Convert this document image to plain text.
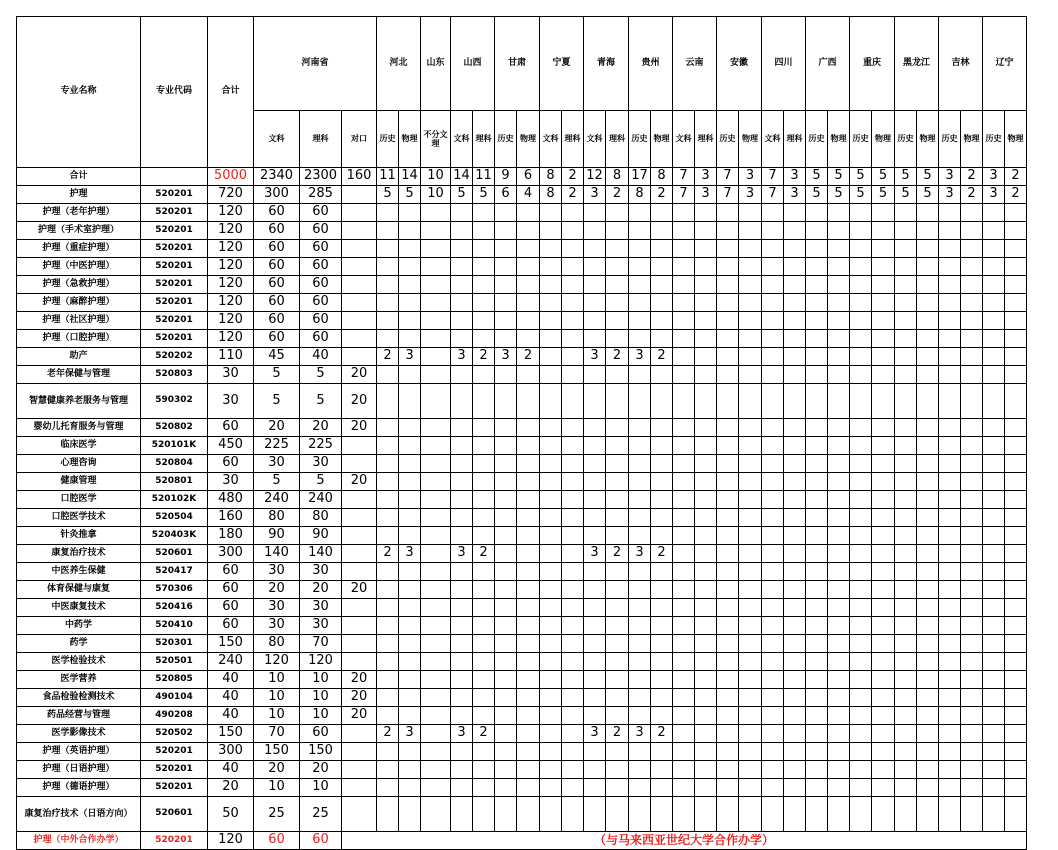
专业名称	专业代码	合计	河南省			河北		山东	山西		甘肃		宁夏		青海		贵州		云南		安徽		四川		广西		重庆		黑龙江		吉林		辽宁	
			文科	理科	对口	历史	物理	不分文理	文科	理科	历史	物理	文科	理科	文科	理科	历史	物理	文科	理科	历史	物理	文科	理科	历史	物理	历史	物理	历史	物理	历史	物理	历史	物理
合计		5000	2340	2300	160	11	14	10	14	11	9	6	8	2	12	8	17	8	7	3	7	3	7	3	5	5	5	5	5	5	3	2	3	2
护理	520201	720	300	285		5	5	10	5	5	6	4	8	2	3	2	8	2	7	3	7	3	7	3	5	5	5	5	5	5	3	2	3	2
护理（老年护理）	520201	120	60	60																														
护理（手术室护理）	520201	120	60	60																														
护理（重症护理）	520201	120	60	60																														
护理（中医护理）	520201	120	60	60																														
护理（急救护理）	520201	120	60	60																														
护理（麻醉护理）	520201	120	60	60																														
护理（社区护理）	520201	120	60	60																														
护理（口腔护理）	520201	120	60	60																														
助产	520202	110	45	40		2	3		3	2	3	2			3	2	3	2																
老年保健与管理	520803	30	5	5	20																													
智慧健康养老服务与管理	590302	30	5	5	20																													
婴幼儿托育服务与管理	520802	60	20	20	20																													
临床医学	520101K	450	225	225																														
心理咨询	520804	60	30	30																														
健康管理	520801	30	5	5	20																													
口腔医学	520102K	480	240	240																														
口腔医学技术	520504	160	80	80																														
针灸推拿	520403K	180	90	90																														
康复治疗技术	520601	300	140	140		2	3		3	2					3	2	3	2																
中医养生保健	520417	60	30	30																														
体育保健与康复	570306	60	20	20	20																													
中医康复技术	520416	60	30	30																														
中药学	520410	60	30	30																														
药学	520301	150	80	70																														
医学检验技术	520501	240	120	120																														
医学营养	520805	40	10	10	20																													
食品检验检测技术	490104	40	10	10	20																													
药品经营与管理	490208	40	10	10	20																													
医学影像技术	520502	150	70	60		2	3		3	2					3	2	3	2																
护理（英语护理）	520201	300	150	150																														
护理（日语护理）	520201	40	20	20																														
护理（德语护理）	520201	20	10	10																														
康复治疗技术（日语方向）	520601	50	25	25																														
护理（中外合作办学）	520201	120	60	60	（与马来西亚世纪大学合作办学）																													
